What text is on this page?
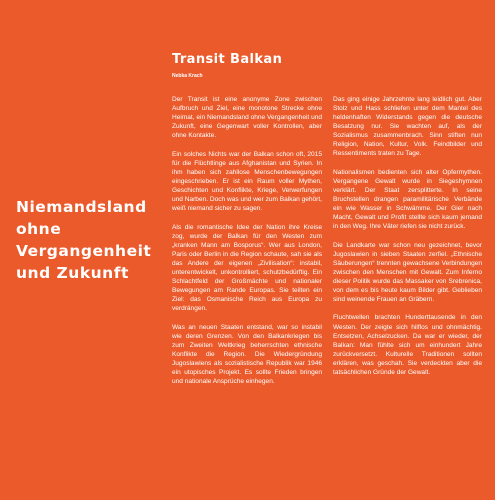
Niemandsland
ohne
Vergangenheit
und Zukunft
Transit Balkan
Nebka Krach

Der Transit ist eine anonyme Zone zwischen Aufbruch und Ziel, eine monotone Strecke ohne Heimat, ein Niemandsland ohne Vergangenheit und Zukunft, eine Gegenwart voller Kontrollen, aber ohne Kontakte.

Ein solches Nichts war der Balkan schon oft, 2015 für die Flüchtlinge aus Afghanistan und Syrien. In ihm haben sich zahllose Menschenbewegungen eingeschrieben. Er ist ein Raum voller Mythen, Geschichten und Konflikte, Kriege, Verwerfungen und Narben. Doch was und wer zum Balkan gehört, weiß niemand sicher zu sagen.

Als die romantische Idee der Nation ihre Kreise zog, wurde der Balkan für den Westen zum „kranken Mann am Bosporus“. Wer aus London, Paris oder Berlin in die Region schaute, sah sie als das Andere der eigenen „Zivilisation“: instabil, unterentwickelt, unkontrolliert, schutzbedürftig. Ein Schlachtfeld der Großmächte und nationaler Bewegungen am Rande Europas. Sie teilten ein Ziel: das Osmanische Reich aus Europa zu verdrängen.

Was an neuen Staaten entstand, war so instabil wie deren Grenzen. Von den Balkankriegen bis zum Zweiten Weltkrieg beherrschten ethnische Konflikte die Region. Die Wiedergründung Jugoslawiens als sozialistische Republik war 1946 ein utopisches Projekt. Es sollte Frieden bringen und nationale Ansprüche einhegen.

Das ging einige Jahrzehnte lang leidlich gut. Aber Stolz und Hass schliefen unter dem Mantel des heldenhaften Widerstands gegen die deutsche Besatzung nur. Sie wachten auf, als der Sozialismus zusammenbrach. Sinn stiften nun Religion, Nation, Kultur, Volk. Feindbilder und Ressentiments traten zu Tage.

Nationalismen bedienten sich alter Opfermythen. Vergangene Gewalt wurde in Siegeshymnen verklärt. Der Staat zersplitterte. In seine Bruchstellen drangen paramilitärische Verbände ein wie Wasser in Schwämme. Der Gier nach Macht, Gewalt und Profit stellte sich kaum jemand in den Weg. Ihre Väter riefen sie nicht zurück.

Die Landkarte war schon neu gezeichnet, bevor Jugoslawien in sieben Staaten zerfiel. „Ethnische Säuberungen“ trennten gewachsene Verbindungen zwischen den Menschen mit Gewalt. Zum Inferno dieser Politik wurde das Massaker von Srebrenica, von dem es bis heute kaum Bilder gibt. Geblieben sind weinende Frauen an Gräbern.

Fluchtwellen brachten Hunderttausende in den Westen. Der zeigte sich hilflos und ohnmächtig. Entsetzen, Achselzucken. Da war er wieder, der Balkan: Man fühlte sich um einhundert Jahre zurückversetzt. Kulturelle Traditionen sollten erklären, was geschah. Sie verdeckten aber die tatsächlichen Gründe der Gewalt.
